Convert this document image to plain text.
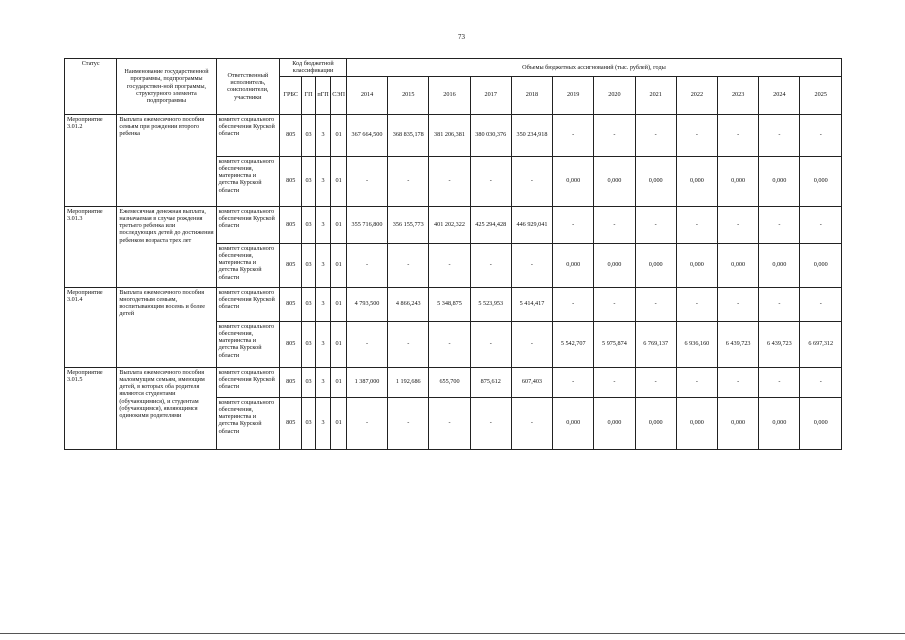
73
Статус	Наименование государственной программы, подпрограммы государствен-ной программы, структурного элемента подпрограммы	Ответственный исполнитель, соисполнители, участники	Код бюджетной классификации				Объемы бюджетных ассигнований (тыс. рублей), годы											
			ГРБС	ГП	пГП	СЭП	2014	2015	2016	2017	2018	2019	2020	2021	2022	2023	2024	2025
Мероприятие 3.01.2	Выплата ежемесячного пособия семьям при рождении второго ребенка	комитет социального обеспечения Курской области	805	03	3	01	367 664,500	368 835,178	381 206,381	380 030,376	350 234,918	-	-	-	-	-	-	-
		комитет социального обеспечения, материнства и детства Курской области	805	03	3	01	-	-	-	-	-	0,000	0,000	0,000	0,000	0,000	0,000	0,000
Мероприятие 3.01.3	Ежемесячная денежная выплата, назначаемая в случае рождения третьего ребенка или последующих детей до достижения ребенком возраста трех лет	комитет социального обеспечения Курской области	805	03	3	01	355 716,800	356 155,773	401 202,322	425 294,428	446 929,041	-	-	-	-	-	-	-
		комитет социального обеспечения, материнства и детства Курской области	805	03	3	01	-	-	-	-	-	0,000	0,000	0,000	0,000	0,000	0,000	0,000
Мероприятие 3.01.4	Выплата ежемесячного пособия многодетным семьям, воспитывающим восемь и более детей	комитет социального обеспечения Курской области	805	03	3	01	4 793,500	4 866,243	5 348,875	5 523,953	5 414,417	-	-	-	-	-	-	-
		комитет социального обеспечения, материнства и детства Курской области	805	03	3	01	-	-	-	-	-	5 542,707	5 975,874	6 769,137	6 936,160	6 439,723	6 439,723	6 697,312
Мероприятие 3.01.5	Выплата ежемесячного пособия малоимущим семьям, имеющим детей, в которых оба родителя являются студентами (обучающимися), и студентам (обучающимся), являющимся одинокими родителями	комитет социального обеспечения Курской области	805	03	3	01	1 387,000	1 192,686	655,700	875,612	607,403	-	-	-	-	-	-	-
		комитет социального обеспечения, материнства и детства Курской области	805	03	3	01	-	-	-	-	-	0,000	0,000	0,000	0,000	0,000	0,000	0,000
